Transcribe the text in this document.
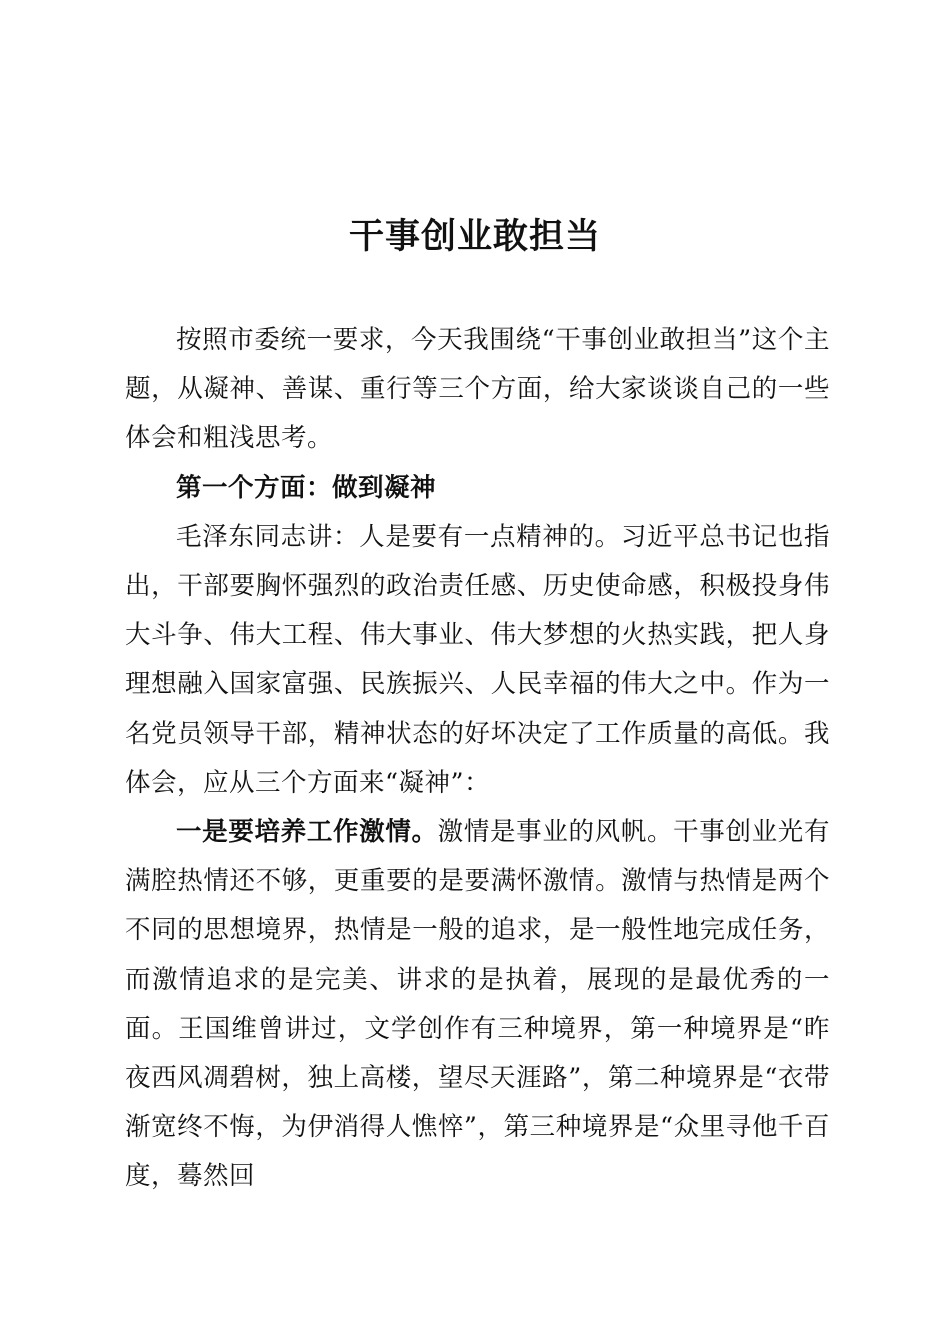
干事创业敢担当

按照市委统一要求，今天我围绕“干事创业敢担当”这个主题，从凝神、善谋、重行等三个方面，给大家谈谈自己的一些体会和粗浅思考。

第一个方面：做到凝神

毛泽东同志讲：人是要有一点精神的。习近平总书记也指出，干部要胸怀强烈的政治责任感、历史使命感，积极投身伟大斗争、伟大工程、伟大事业、伟大梦想的火热实践，把人身理想融入国家富强、民族振兴、人民幸福的伟大之中。作为一名党员领导干部，精神状态的好坏决定了工作质量的高低。我体会，应从三个方面来“凝神”：

一是要培养工作激情。激情是事业的风帆。干事创业光有满腔热情还不够，更重要的是要满怀激情。激情与热情是两个不同的思想境界，热情是一般的追求，是一般性地完成任务，而激情追求的是完美、讲求的是执着，展现的是最优秀的一面。王国维曾讲过，文学创作有三种境界，第一种境界是“昨夜西风凋碧树，独上高楼，望尽天涯路”，第二种境界是“衣带渐宽终不悔，为伊消得人憔悴”，第三种境界是“众里寻他千百度，蓦然回
